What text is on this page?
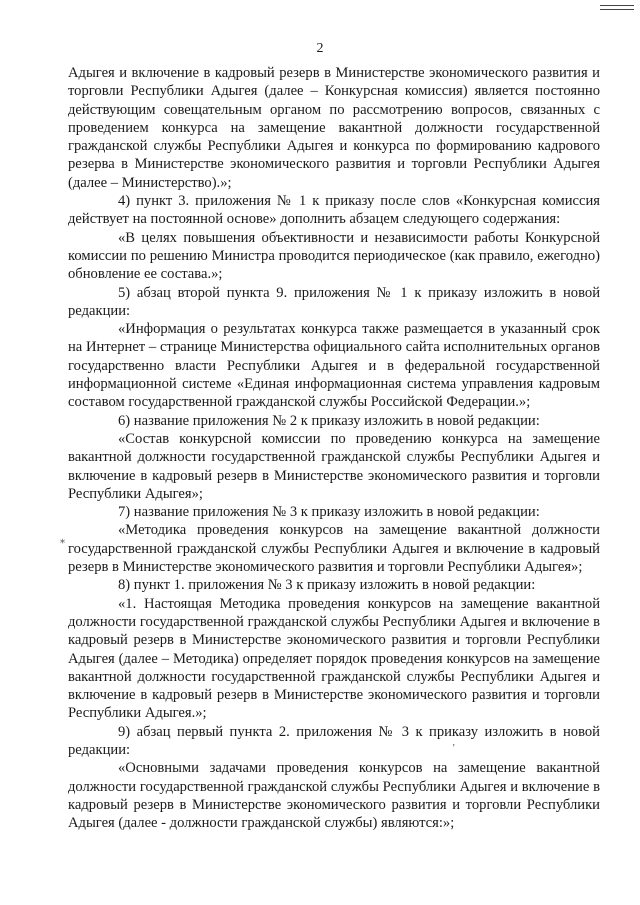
2

Адыгея и включение в кадровый резерв в Министерстве экономического развития и торговли Республики Адыгея (далее – Конкурсная комиссия) является постоянно действующим совещательным органом по рассмотрению вопросов, связанных с проведением конкурса на замещение вакантной должности государственной гражданской службы Республики Адыгея и конкурса по формированию кадрового резерва в Министерстве экономического развития и торговли Республики Адыгея (далее – Министерство).»;

4) пункт 3. приложения № 1 к приказу после слов «Конкурсная комиссия действует на постоянной основе» дополнить абзацем следующего содержания:

«В целях повышения объективности и независимости работы Конкурсной комиссии по решению Министра проводится периодическое (как правило, ежегодно) обновление ее состава.»;

5) абзац второй пункта 9. приложения № 1 к приказу изложить в новой редакции:

«Информация о результатах конкурса также размещается в указанный срок на Интернет – странице Министерства официального сайта исполнительных органов государственно власти Республики Адыгея и в федеральной государственной информационной системе «Единая информационная система управления кадровым составом государственной гражданской службы Российской Федерации.»;

6) название приложения № 2 к приказу изложить в новой редакции:

«Состав конкурсной комиссии по проведению конкурса на замещение вакантной должности государственной гражданской службы Республики Адыгея и включение в кадровый резерв в Министерстве экономического развития и торговли Республики Адыгея»;

7) название приложения № 3 к приказу изложить в новой редакции:

«Методика проведения конкурсов на замещение вакантной должности государственной гражданской службы Республики Адыгея и включение в кадровый резерв в Министерстве экономического развития и торговли Республики Адыгея»;

8) пункт 1. приложения № 3 к приказу изложить в новой редакции:

«1. Настоящая Методика проведения конкурсов на замещение вакантной должности государственной гражданской службы Республики Адыгея и включение в кадровый резерв в Министерстве экономического развития и торговли Республики Адыгея (далее – Методика) определяет порядок проведения конкурсов на замещение вакантной должности государственной гражданской службы Республики Адыгея и включение в кадровый резерв в Министерстве экономического развития и торговли Республики Адыгея.»;

9) абзац первый пункта 2. приложения № 3 к приказу изложить в новой редакции:

«Основными задачами проведения конкурсов на замещение вакантной должности государственной гражданской службы Республики Адыгея и включение в кадровый резерв в Министерстве экономического развития и торговли Республики Адыгея (далее - должности гражданской службы) являются:»;

⁎
’
